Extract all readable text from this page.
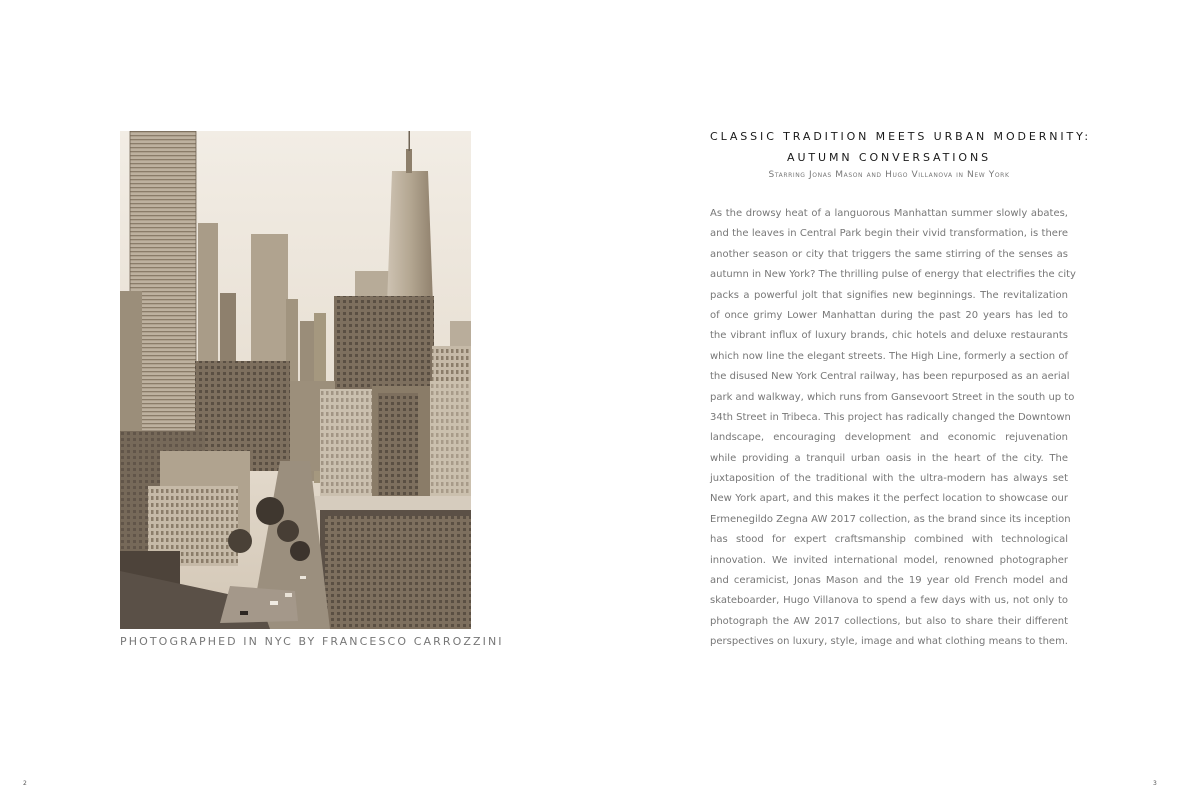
PHOTOGRAPHED IN NYC BY FRANCESCO CARROZZINI
2
CLASSIC TRADITION MEETS URBAN MODERNITY:
AUTUMN CONVERSATIONS
Starring Jonas Mason and Hugo Villanova in New York
As the drowsy heat of a languorous Manhattan summer slowly abates,
and the leaves in Central Park begin their vivid transformation, is there
another season or city that triggers the same stirring of the senses as
autumn in New York? The thrilling pulse of energy that electrifies the city
packs a powerful jolt that signifies new beginnings. The revitalization
of once grimy Lower Manhattan during the past 20 years has led to
the vibrant influx of luxury brands, chic hotels and deluxe restaurants
which now line the elegant streets. The High Line, formerly a section of
the disused New York Central railway, has been repurposed as an aerial
park and walkway, which runs from Gansevoort Street in the south up to
34th Street in Tribeca. This project has radically changed the Downtown
landscape, encouraging development and economic rejuvenation
while providing a tranquil urban oasis in the heart of the city. The
juxtaposition of the traditional with the ultra-modern has always set
New York apart, and this makes it the perfect location to showcase our
Ermenegildo Zegna AW 2017 collection, as the brand since its inception
has stood for expert craftsmanship combined with technological
innovation. We invited international model, renowned photographer
and ceramicist, Jonas Mason and the 19 year old French model and
skateboarder, Hugo Villanova to spend a few days with us, not only to
photograph the AW 2017 collections, but also to share their different
perspectives on luxury, style, image and what clothing means to them.
3
